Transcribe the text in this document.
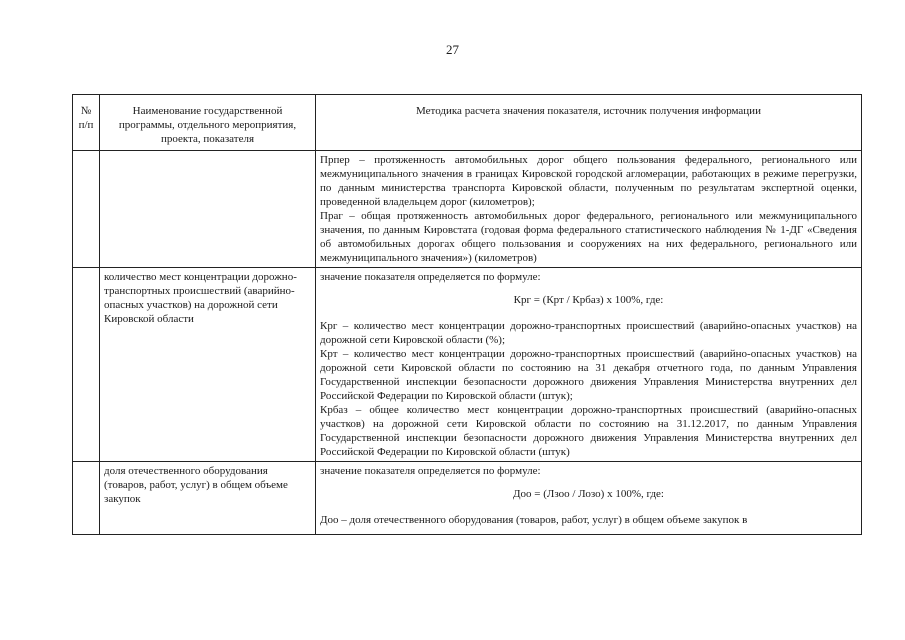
27
№ п/п	Наименование государственной программы, отдельного мероприятия, проекта, показателя	Методика расчета значения показателя, источник получения информации

		Прпер – протяженность автомобильных дорог общего пользования федерального, регионального или межмуниципального значения в границах Кировской городской агломерации, работающих в режиме перегрузки, по данным министерства транспорта Кировской области, полученным по результатам экспертной оценки, проведенной владельцем дорог (километров);

Праг – общая протяженность автомобильных дорог федерального, регионального или межмуниципального значения, по данным Кировстата (годовая форма федерального статистического наблюдения № 1-ДГ «Сведения об автомобильных дорогах общего пользования и сооружениях на них федерального, регионального или межмуниципального значения») (километров)

	количество мест концентрации дорожно-транспортных происшествий (аварийно-опасных участков) на дорожной сети Кировской области	значение показателя определяется по формуле:

Крг = (Крт / Крбаз) х 100%, где:

Крг – количество мест концентрации дорожно-транспортных происшествий (аварийно-опасных участков) на дорожной сети Кировской области (%);

Крт – количество мест концентрации дорожно-транспортных происшествий (аварийно-опасных участков) на дорожной сети Кировской области по состоянию на 31 декабря отчетного года, по данным Управления Государственной инспекции безопасности дорожного движения Управления Министерства внутренних дел Российской Федерации по Кировской области (штук);

Крбаз – общее количество мест концентрации дорожно-транспортных происшествий (аварийно-опасных участков) на дорожной сети Кировской области по состоянию на 31.12.2017, по данным Управления Государственной инспекции безопасности дорожного движения Управления Министерства внутренних дел Российской Федерации по Кировской области (штук)

	доля отечественного оборудования (товаров, работ, услуг) в общем объеме закупок	значение показателя определяется по формуле:

Доо = (Лзоо / Лозо) х 100%, где:

Доо – доля отечественного оборудования (товаров, работ, услуг) в общем объеме закупок в
